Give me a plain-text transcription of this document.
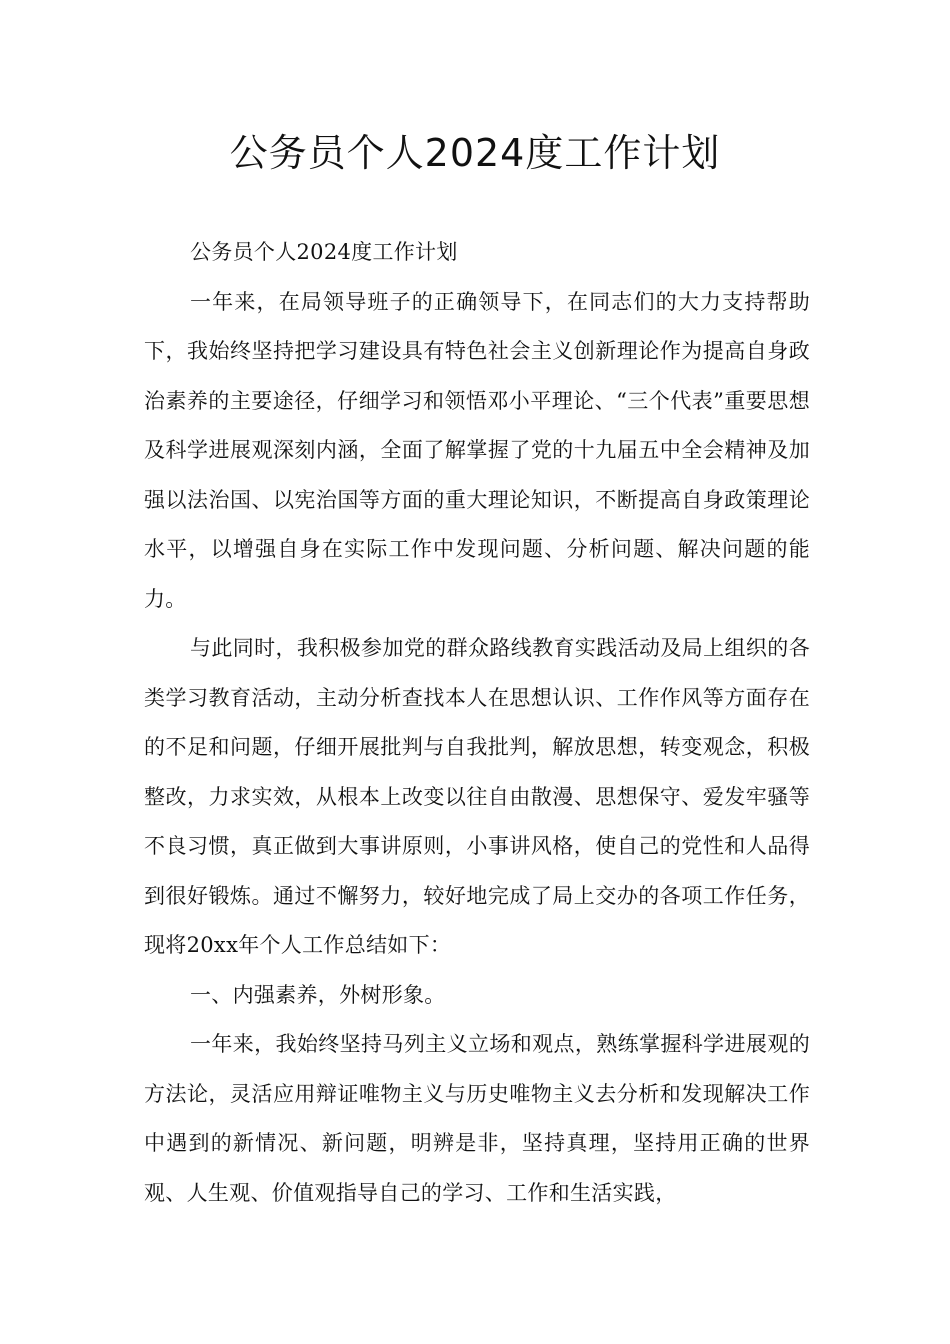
公务员个人2024度工作计划

公务员个人2024度工作计划

一年来，在局领导班子的正确领导下，在同志们的大力支持帮助下，我始终坚持把学习建设具有特色社会主义创新理论作为提高自身政治素养的主要途径，仔细学习和领悟邓小平理论、“三个代表”重要思想及科学进展观深刻内涵，全面了解掌握了党的十九届五中全会精神及加强以法治国、以宪治国等方面的重大理论知识，不断提高自身政策理论水平，以增强自身在实际工作中发现问题、分析问题、解决问题的能力。

与此同时，我积极参加党的群众路线教育实践活动及局上组织的各类学习教育活动，主动分析查找本人在思想认识、工作作风等方面存在的不足和问题，仔细开展批判与自我批判，解放思想，转变观念，积极整改，力求实效，从根本上改变以往自由散漫、思想保守、爱发牢骚等不良习惯，真正做到大事讲原则，小事讲风格，使自己的党性和人品得到很好锻炼。通过不懈努力，较好地完成了局上交办的各项工作任务，现将20xx年个人工作总结如下：

一、内强素养，外树形象。

一年来，我始终坚持马列主义立场和观点，熟练掌握科学进展观的方法论，灵活应用辩证唯物主义与历史唯物主义去分析和发现解决工作中遇到的新情况、新问题，明辨是非，坚持真理，坚持用正确的世界观、人生观、价值观指导自己的学习、工作和生活实践，
